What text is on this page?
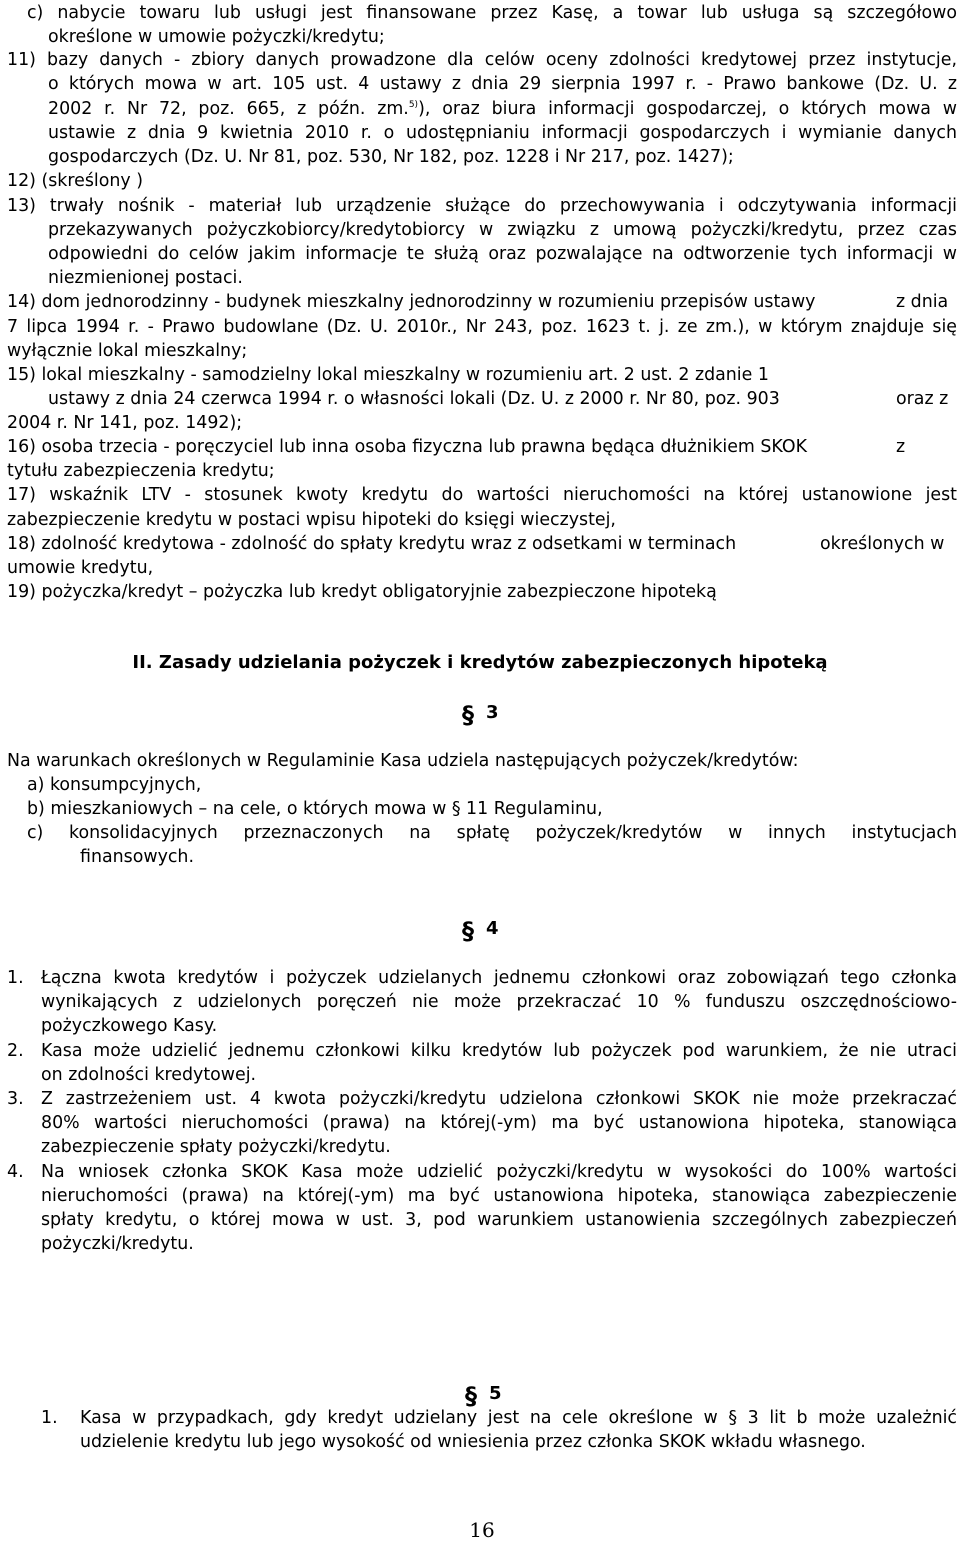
c) nabycie towaru lub usługi jest finansowane przez Kasę, a towar lub usługa są szczegółowo

określone w umowie pożyczki/kredytu;

11) bazy danych - zbiory danych prowadzone dla celów oceny zdolności kredytowej przez instytucje,

o których mowa w art. 105 ust. 4 ustawy z dnia 29 sierpnia 1997 r. - Prawo bankowe (Dz. U. z

2002 r. Nr 72, poz. 665, z późn. zm.$^{5)}$), oraz biura informacji gospodarczej, o których mowa w

ustawie z dnia 9 kwietnia 2010 r. o udostępnianiu informacji gospodarczych i wymianie danych

gospodarczych (Dz. U. Nr 81, poz. 530, Nr 182, poz. 1228 i Nr 217, poz. 1427);

12) (skreślony )

13) trwały nośnik - materiał lub urządzenie służące do przechowywania i odczytywania informacji

przekazywanych pożyczkobiorcy/kredytobiorcy w związku z umową pożyczki/kredytu, przez czas

odpowiedni do celów jakim informacje te służą oraz pozwalające na odtworzenie tych informacji w

niezmienionej postaci.

14) dom jednorodzinny - budynek mieszkalny jednorodzinny w rozumieniu przepisów ustawy	z dnia

7 lipca 1994 r. - Prawo budowlane (Dz. U. 2010r., Nr 243, poz. 1623 t. j. ze zm.), w którym znajduje się

wyłącznie lokal mieszkalny;

15) lokal mieszkalny - samodzielny lokal mieszkalny w rozumieniu art. 2 ust. 2 zdanie 1

ustawy z dnia 24 czerwca 1994 r. o własności lokali (Dz. U. z 2000 r. Nr 80, poz. 903	oraz z

2004 r. Nr 141, poz. 1492);

16) osoba trzecia - poręczyciel lub inna osoba fizyczna lub prawna będąca dłużnikiem SKOK	z

tytułu zabezpieczenia kredytu;

17) wskaźnik LTV - stosunek kwoty kredytu do wartości nieruchomości na której ustanowione jest

zabezpieczenie kredytu w postaci wpisu hipoteki do księgi wieczystej,

18) zdolność kredytowa - zdolność do spłaty kredytu wraz z odsetkami w terminach	określonych w

umowie kredytu,

19) pożyczka/kredyt – pożyczka lub kredyt obligatoryjnie zabezpieczone hipoteką

II. Zasady udzielania pożyczek i kredytów zabezpieczonych hipoteką

§ 3

Na warunkach określonych w Regulaminie Kasa udziela następujących pożyczek/kredytów:

a) konsumpcyjnych,

b) mieszkaniowych – na cele, o których mowa w § 11 Regulaminu,

c) konsolidacyjnych przeznaczonych na spłatę pożyczek/kredytów w innych instytucjach

finansowych.

§ 4

1. Łączna kwota kredytów i pożyczek udzielanych jednemu członkowi oraz zobowiązań tego członka

wynikających z udzielonych poręczeń nie może przekraczać 10 % funduszu oszczędnościowo-

pożyczkowego Kasy.

2. Kasa może udzielić jednemu członkowi kilku kredytów lub pożyczek pod warunkiem, że nie utraci

on zdolności kredytowej.

3. Z zastrzeżeniem ust. 4 kwota pożyczki/kredytu udzielona członkowi SKOK nie może przekraczać

80% wartości nieruchomości (prawa) na której(-ym) ma być ustanowiona hipoteka, stanowiąca

zabezpieczenie spłaty pożyczki/kredytu.

4. Na wniosek członka SKOK Kasa może udzielić pożyczki/kredytu w wysokości do 100% wartości

nieruchomości (prawa) na której(-ym) ma być ustanowiona hipoteka, stanowiąca zabezpieczenie

spłaty kredytu, o której mowa w ust. 3, pod warunkiem ustanowienia szczególnych zabezpieczeń

pożyczki/kredytu.

§ 5

1. Kasa w przypadkach, gdy kredyt udzielany jest na cele określone w § 3 lit b może uzależnić

udzielenie kredytu lub jego wysokość od wniesienia przez członka SKOK wkładu własnego.

16
